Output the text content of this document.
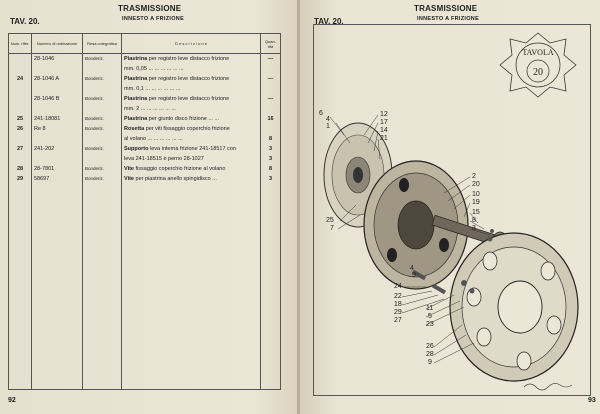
TRASMISSIONE
INNESTO A FRIZIONE
TAV. 20.
Num. rifer.	Numero di ordinazione	Resa colegrafica	D e s c r i z i o n e	Quan- tità
	28-1046	Bonderiz.	Piastrina per registro leve distacco frizione	—
			mm. 0,05 ... ... ... ... ... ...	
24	28-1046 A	Bonderiz.	Piastrina per registro leve distacco frizione	—
			mm. 0,1 ... ... ... ... ... ...	
	28-1046 B	Bonderiz.	Piastrina per registro leve distacco frizione	—
			mm. 2 ... ... ... ... ... ...	
25	241-18081	Bonderiz.	Piastrina per giunto disco frizione ... ...	16
26	Re 8	Bonderiz.	Rosetta per viti fissaggio coperchio frizione	
			al volano ... ... ... ... ... ...	8
27	241-202	Bonderiz.	Supporto leva interna frizione 241-18517 con	3
			leva 241-18515 e perno 28-1027	3
28	28-7801	Bonderiz.	Vite fissaggio coperchio frizione al volano	8
29	58697	Bonderiz.	Vite per piastrina anello spingidisco ...	3

92
TRASMISSIONE
INNESTO A FRIZIONE
TAV. 20.
93
TAVOLA
20
6
4
1
12
17
14
21
25
7
2
20
10
19
15
8
3
4
9
24
22
18
29
27
11
5
23
26
28
9
